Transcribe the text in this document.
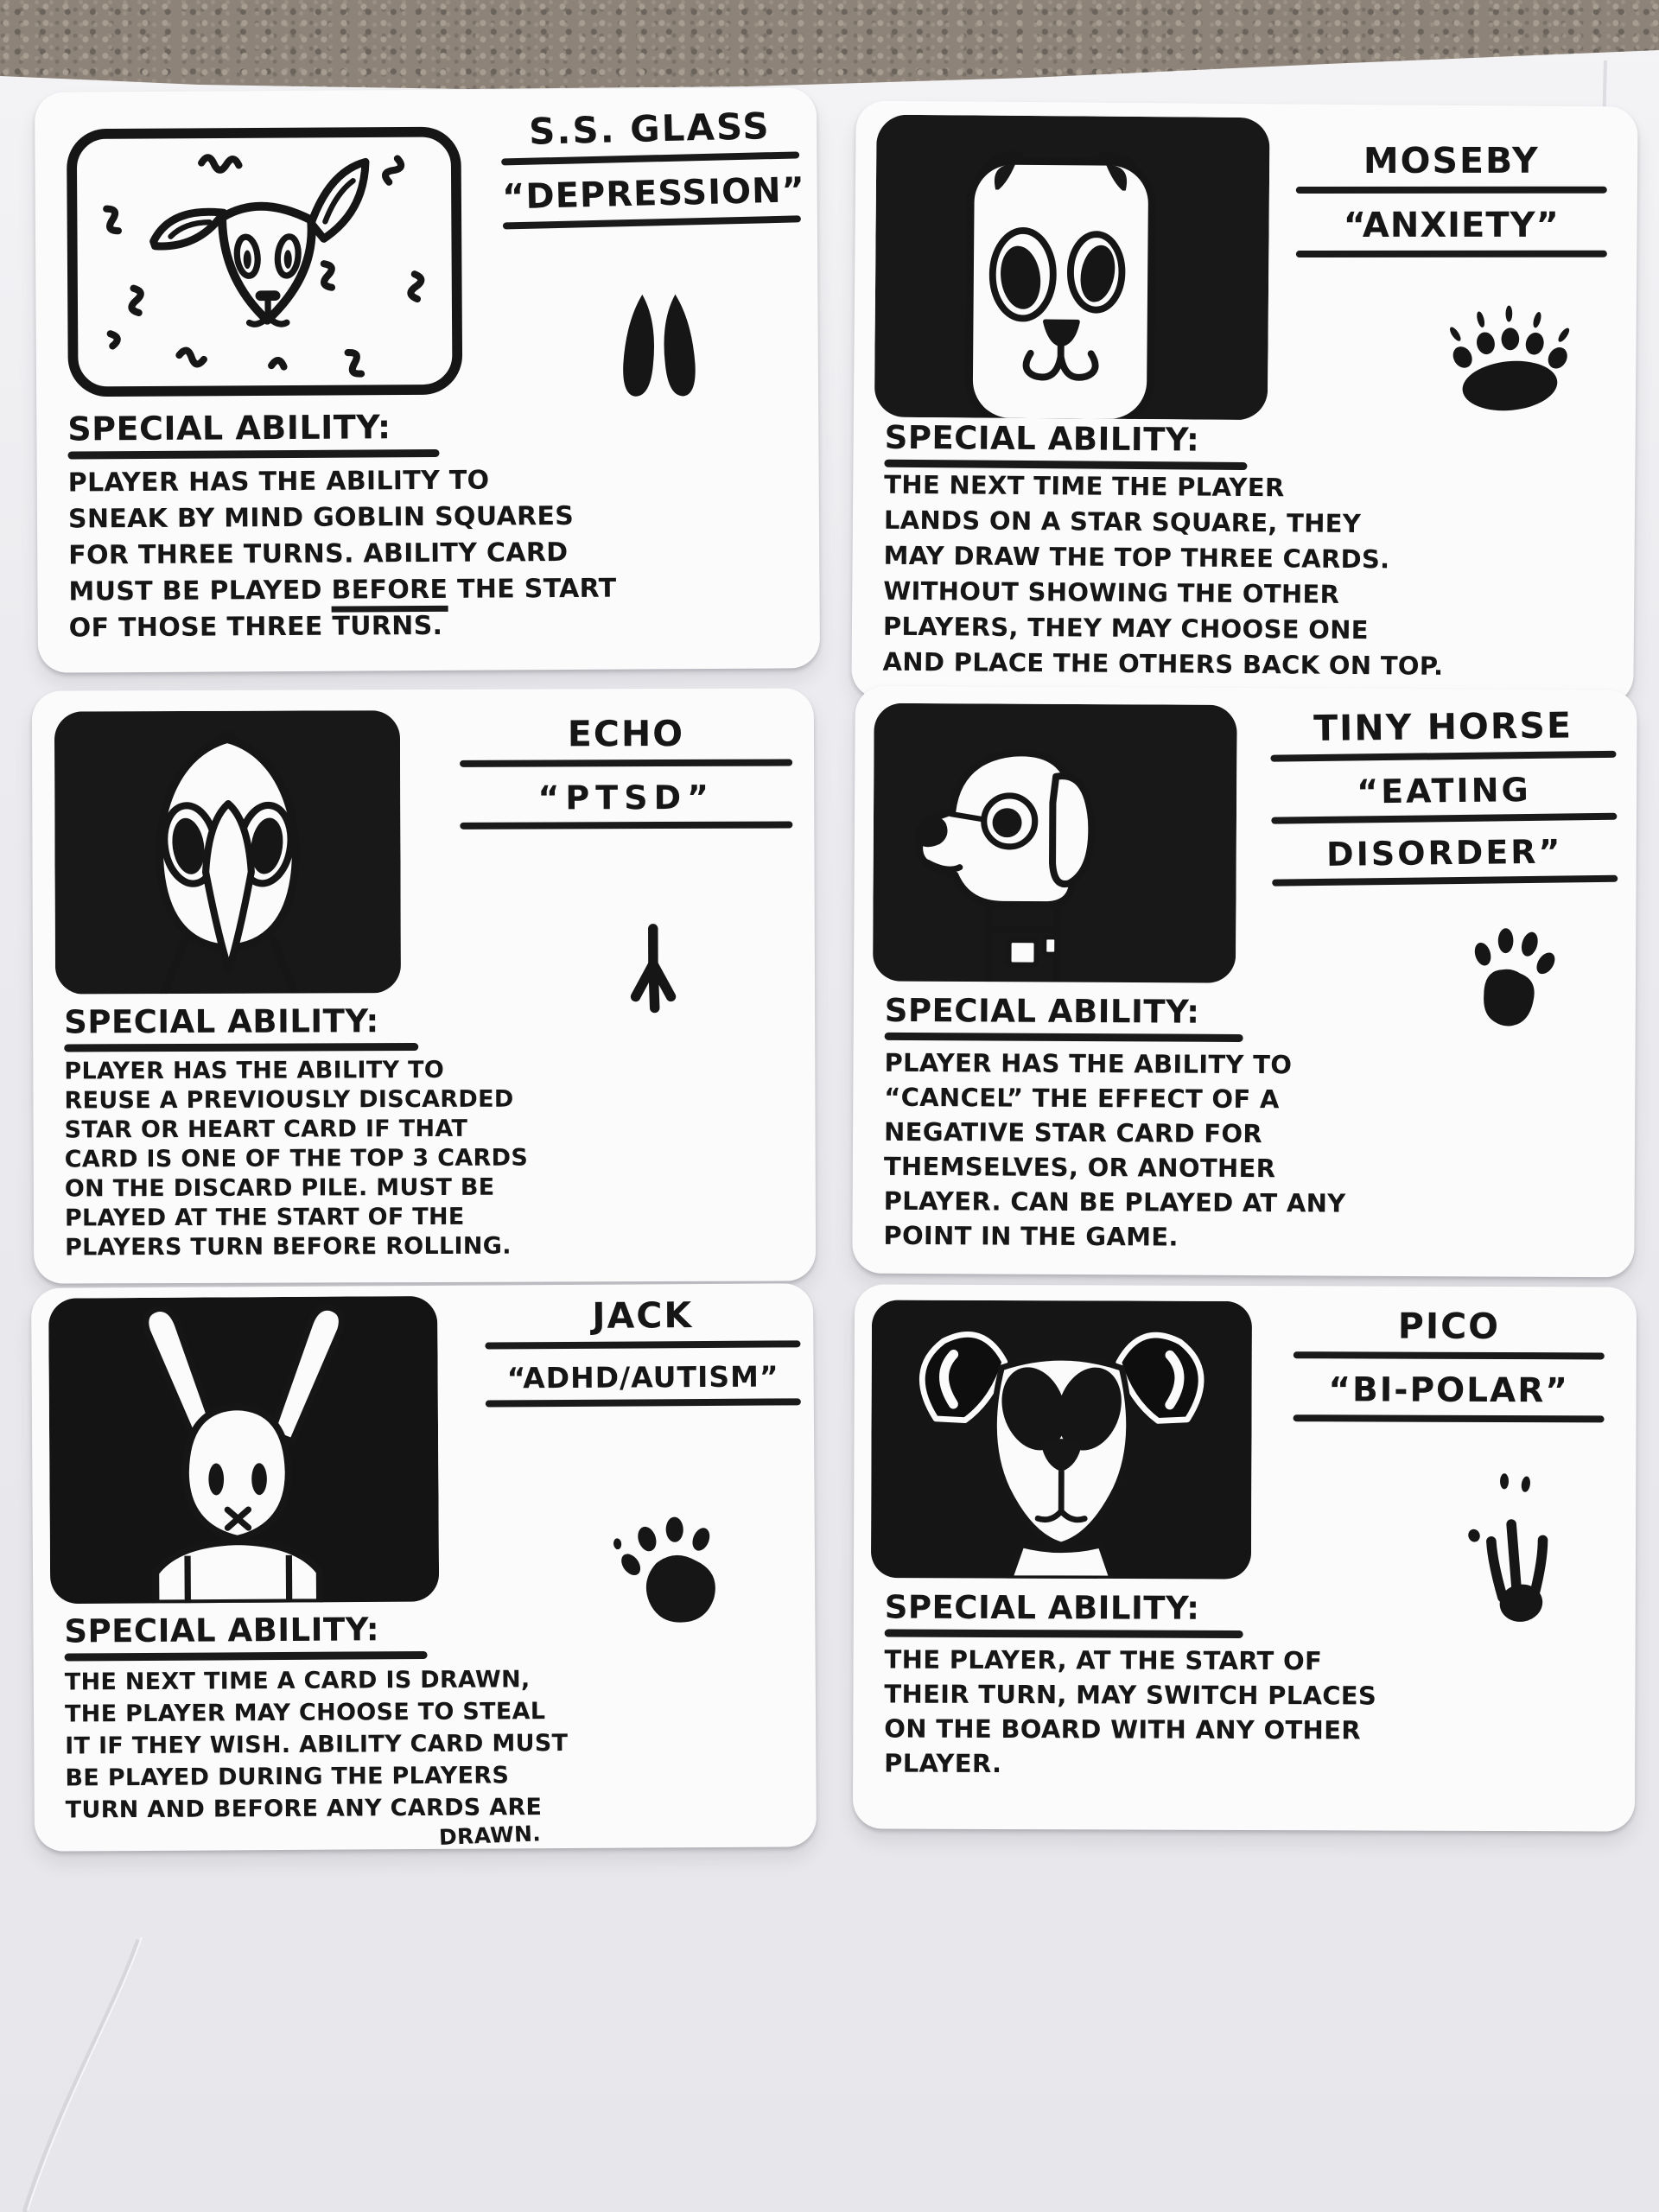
S.S. GLASS
“DEPRESSION”
SPECIAL ABILITY:
PLAYER HAS THE ABILITY TO
SNEAK BY MIND GOBLIN SQUARES
FOR THREE TURNS. ABILITY CARD
MUST BE PLAYED BEFORE THE START
OF THOSE THREE TURNS.
MOSEBY
“ANXIETY”
SPECIAL ABILITY:
THE NEXT TIME THE PLAYER
LANDS ON A STAR SQUARE, THEY
MAY DRAW THE TOP THREE CARDS.
WITHOUT SHOWING THE OTHER
PLAYERS, THEY MAY CHOOSE ONE
AND PLACE THE OTHERS BACK ON TOP.
ECHO
“PTSD”
SPECIAL ABILITY:
PLAYER HAS THE ABILITY TO
REUSE A PREVIOUSLY DISCARDED
STAR OR HEART CARD IF THAT
CARD IS ONE OF THE TOP 3 CARDS
ON THE DISCARD PILE. MUST BE
PLAYED AT THE START OF THE
PLAYERS TURN BEFORE ROLLING.
TINY HORSE
“EATING
DISORDER”
SPECIAL ABILITY:
PLAYER HAS THE ABILITY TO
“CANCEL” THE EFFECT OF A
NEGATIVE STAR CARD FOR
THEMSELVES, OR ANOTHER
PLAYER. CAN BE PLAYED AT ANY
POINT IN THE GAME.
JACK
“ADHD/AUTISM”
SPECIAL ABILITY:
THE NEXT TIME A CARD IS DRAWN,
THE PLAYER MAY CHOOSE TO STEAL
IT IF THEY WISH. ABILITY CARD MUST
BE PLAYED DURING THE PLAYERS
TURN AND BEFORE ANY CARDS ARE
DRAWN.
PICO
“BI-POLAR”
SPECIAL ABILITY:
THE PLAYER, AT THE START OF
THEIR TURN, MAY SWITCH PLACES
ON THE BOARD WITH ANY OTHER
PLAYER.
